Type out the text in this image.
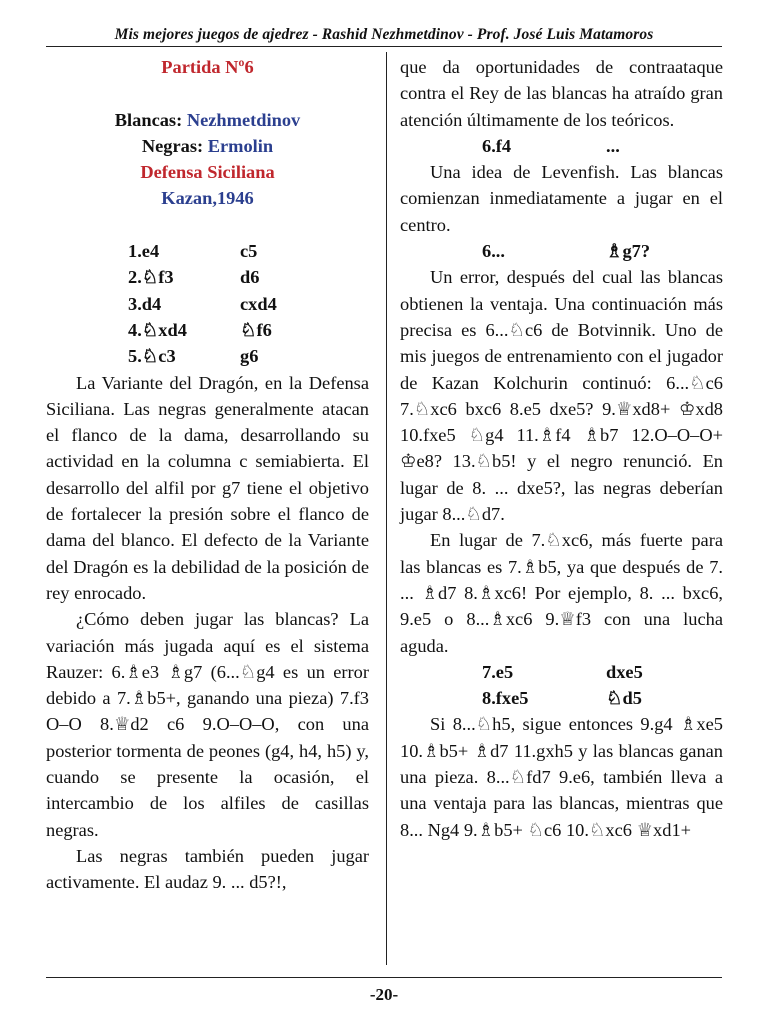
Mis mejores juegos de ajedrez - Rashid Nezhmetdinov - Prof. José Luis Matamoros
Partida Nº6
Blancas: Nezhmetdinov
Negras: Ermolin
Defensa Siciliana
Kazan,1946
1.e4	c5
2.♘f3	d6
3.d4	cxd4
4.♘xd4	♘f6
5.♘c3	g6

La Variante del Dragón, en la Defensa Siciliana. Las negras generalmente atacan el flanco de la dama, desarrollando su actividad en la columna c semiabierta. El desarrollo del alfil por g7 tiene el objetivo de fortalecer la presión sobre el flanco de dama del blanco. El defecto de la Variante del Dragón es la debilidad de la posición de rey enrocado.

¿Cómo deben jugar las blancas? La variación más jugada aquí es el sistema Rauzer: 6.♗e3 ♗g7 (6...♘g4 es un error debido a 7.♗b5+, ganando una pieza) 7.f3 O–O 8.♕d2 c6 9.O–O–O, con una posterior tormenta de peones (g4, h4, h5) y, cuando se presente la ocasión, el intercambio de los alfiles de casillas negras.

Las negras también pueden jugar activamente. El audaz 9. ... d5?!,

que da oportunidades de contraataque contra el Rey de las blancas ha atraído gran atención últimamente de los teóricos.

6.f4	...

Una idea de Levenfish. Las blancas comienzan inmediatamente a jugar en el centro.

6...	♗g7?

Un error, después del cual las blancas obtienen la ventaja. Una continuación más precisa es 6...♘c6 de Botvinnik. Uno de mis juegos de entrenamiento con el jugador de Kazan Kolchurin continuó: 6...♘c6 7.♘xc6 bxc6 8.e5 dxe5? 9.♕xd8+ ♔xd8 10.fxe5 ♘g4 11.♗f4 ♗b7 12.O–O–O+ ♔e8? 13.♘b5! y el negro renunció. En lugar de 8. ... dxe5?, las negras deberían jugar 8...♘d7.

En lugar de 7.♘xc6, más fuerte para las blancas es 7.♗b5, ya que después de 7. ... ♗d7 8.♗xc6! Por ejemplo, 8. ... bxc6, 9.e5 o 8...♗xc6 9.♕f3 con una lucha aguda.

7.e5	dxe5
8.fxe5	♘d5

Si 8...♘h5, sigue entonces 9.g4 ♗xe5 10.♗b5+ ♗d7 11.gxh5 y las blancas ganan una pieza. 8...♘fd7 9.e6, también lleva a una ventaja para las blancas, mientras que 8... Ng4 9.♗b5+ ♘c6 10.♘xc6 ♕xd1+

-20-
